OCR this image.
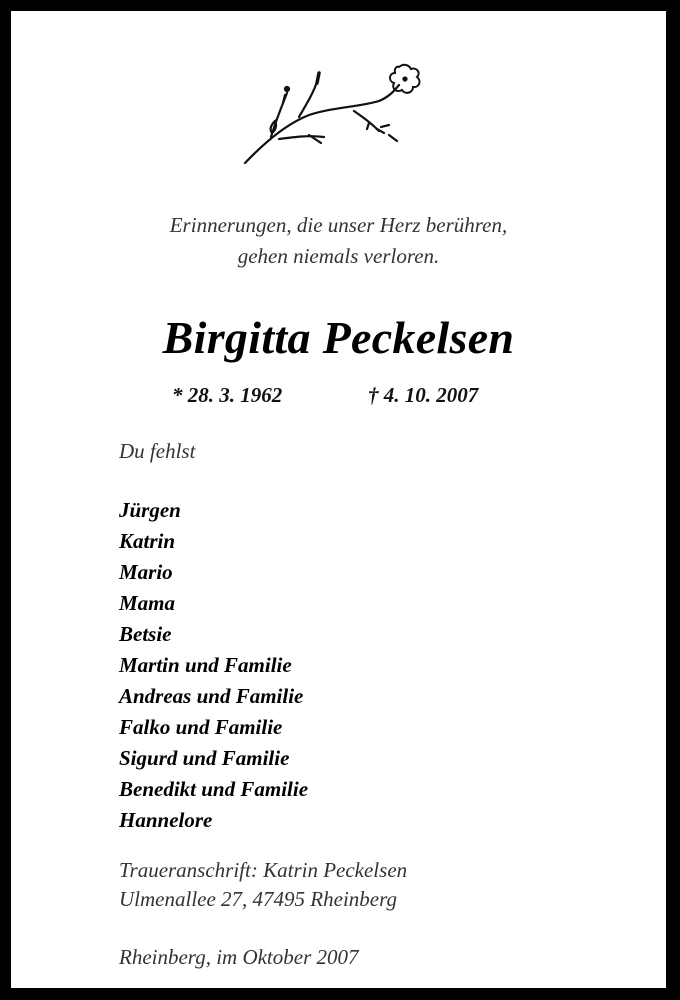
Erinnerungen, die unser Herz berühren,
gehen niemals verloren.
Birgitta Peckelsen
* 28. 3. 1962	† 4. 10. 2007
Du fehlst
Jürgen
Katrin
Mario
Mama
Betsie
Martin und Familie
Andreas und Familie
Falko und Familie
Sigurd und Familie
Benedikt und Familie
Hannelore
Traueranschrift: Katrin Peckelsen
Ulmenallee 27, 47495 Rheinberg
Rheinberg, im Oktober 2007
